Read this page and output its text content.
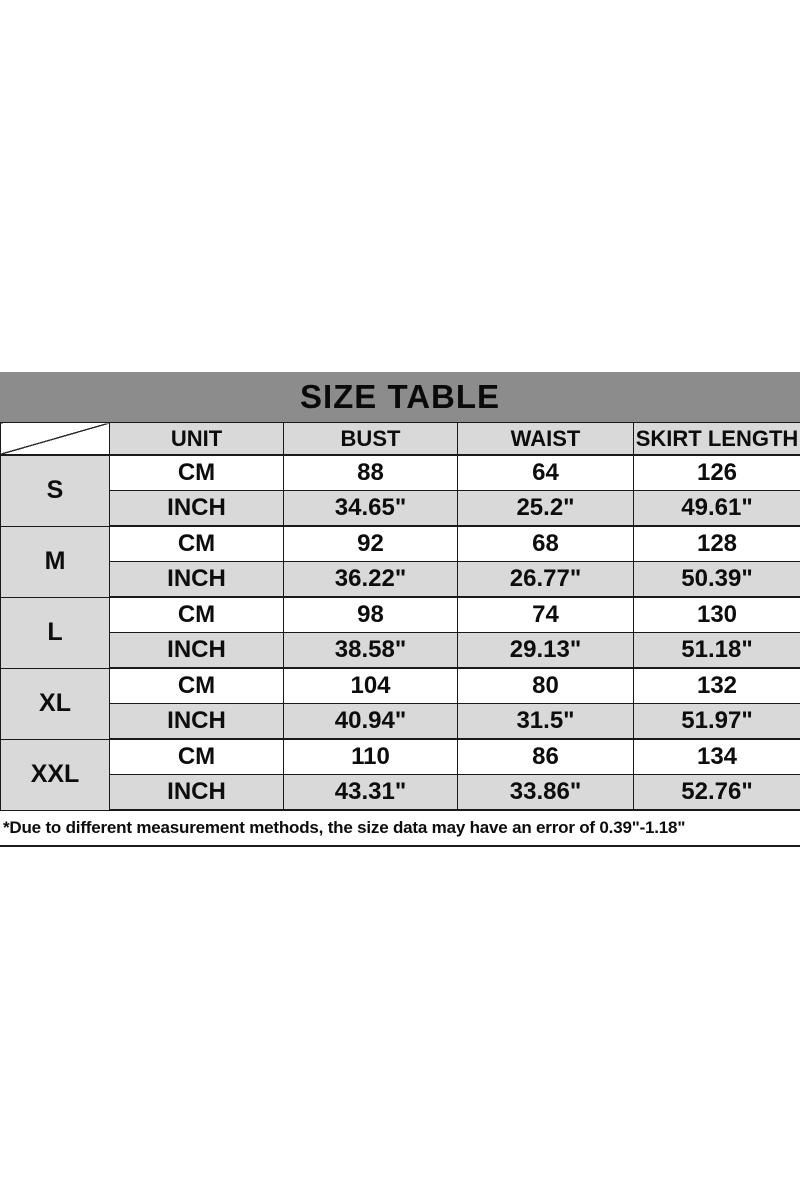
SIZE TABLE
	UNIT	BUST	WAIST	SKIRT LENGTH
S	CM	88	64	126
	INCH	34.65"	25.2"	49.61"
M	CM	92	68	128
	INCH	36.22"	26.77"	50.39"
L	CM	98	74	130
	INCH	38.58"	29.13"	51.18"
XL	CM	104	80	132
	INCH	40.94"	31.5"	51.97"
XXL	CM	110	86	134
	INCH	43.31"	33.86"	52.76"
*Due to different measurement methods, the size data may have an error of 0.39"-1.18"
